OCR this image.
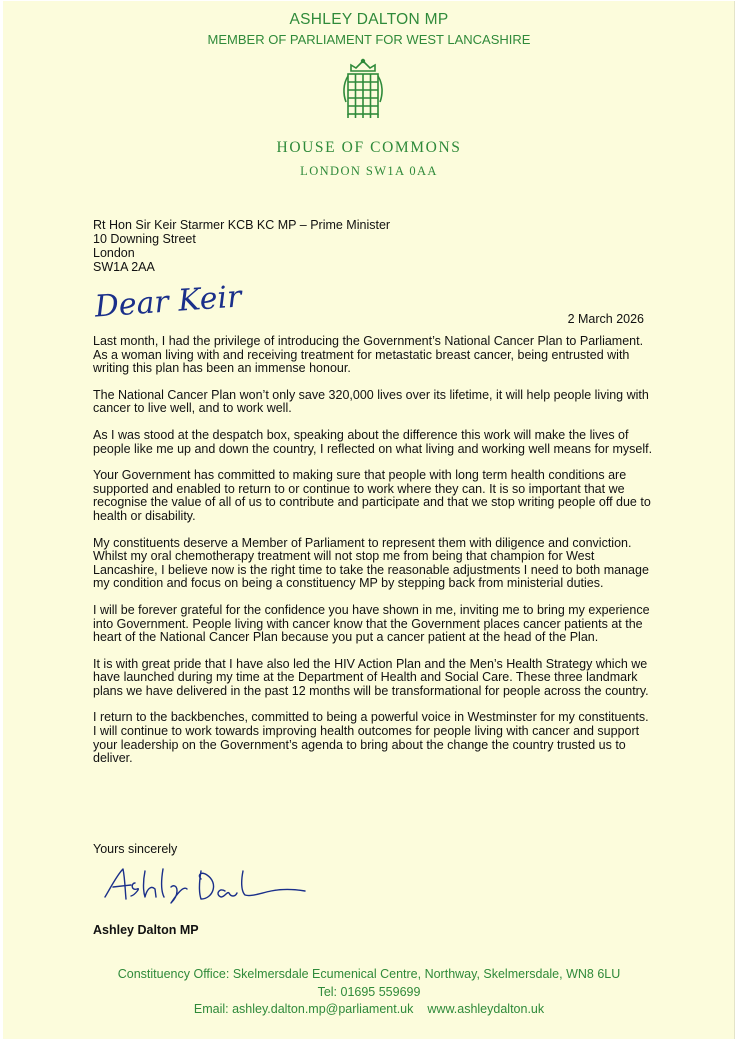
ASHLEY DALTON MP
MEMBER OF PARLIAMENT FOR WEST LANCASHIRE
HOUSE OF COMMONS
LONDON SW1A 0AA
Rt Hon Sir Keir Starmer KCB KC MP – Prime Minister
10 Downing Street
London
SW1A 2AA
Dear Keir	2 March 2026

Last month, I had the privilege of introducing the Government’s National Cancer Plan to Parliament. As a woman living with and receiving treatment for metastatic breast cancer, being entrusted with writing this plan has been an immense honour.

The National Cancer Plan won’t only save 320,000 lives over its lifetime, it will help people living with cancer to live well, and to work well.

As I was stood at the despatch box, speaking about the difference this work will make the lives of people like me up and down the country, I reflected on what living and working well means for myself.

Your Government has committed to making sure that people with long term health conditions are supported and enabled to return to or continue to work where they can. It is so important that we recognise the value of all of us to contribute and participate and that we stop writing people off due to health or disability.

My constituents deserve a Member of Parliament to represent them with diligence and conviction. Whilst my oral chemotherapy treatment will not stop me from being that champion for West Lancashire, I believe now is the right time to take the reasonable adjustments I need to both manage my condition and focus on being a constituency MP by stepping back from ministerial duties.

I will be forever grateful for the confidence you have shown in me, inviting me to bring my experience into Government. People living with cancer know that the Government places cancer patients at the heart of the National Cancer Plan because you put a cancer patient at the head of the Plan.

It is with great pride that I have also led the HIV Action Plan and the Men’s Health Strategy which we have launched during my time at the Department of Health and Social Care. These three landmark plans we have delivered in the past 12 months will be transformational for people across the country.

I return to the backbenches, committed to being a powerful voice in Westminster for my constituents. I will continue to work towards improving health outcomes for people living with cancer and support your leadership on the Government’s agenda to bring about the change the country trusted us to deliver.

Yours sincerely
Ashley Dalton MP
Constituency Office: Skelmersdale Ecumenical Centre, Northway, Skelmersdale, WN8 6LU
Tel: 01695 559699
Email: ashley.dalton.mp@parliament.uk www.ashleydalton.uk
